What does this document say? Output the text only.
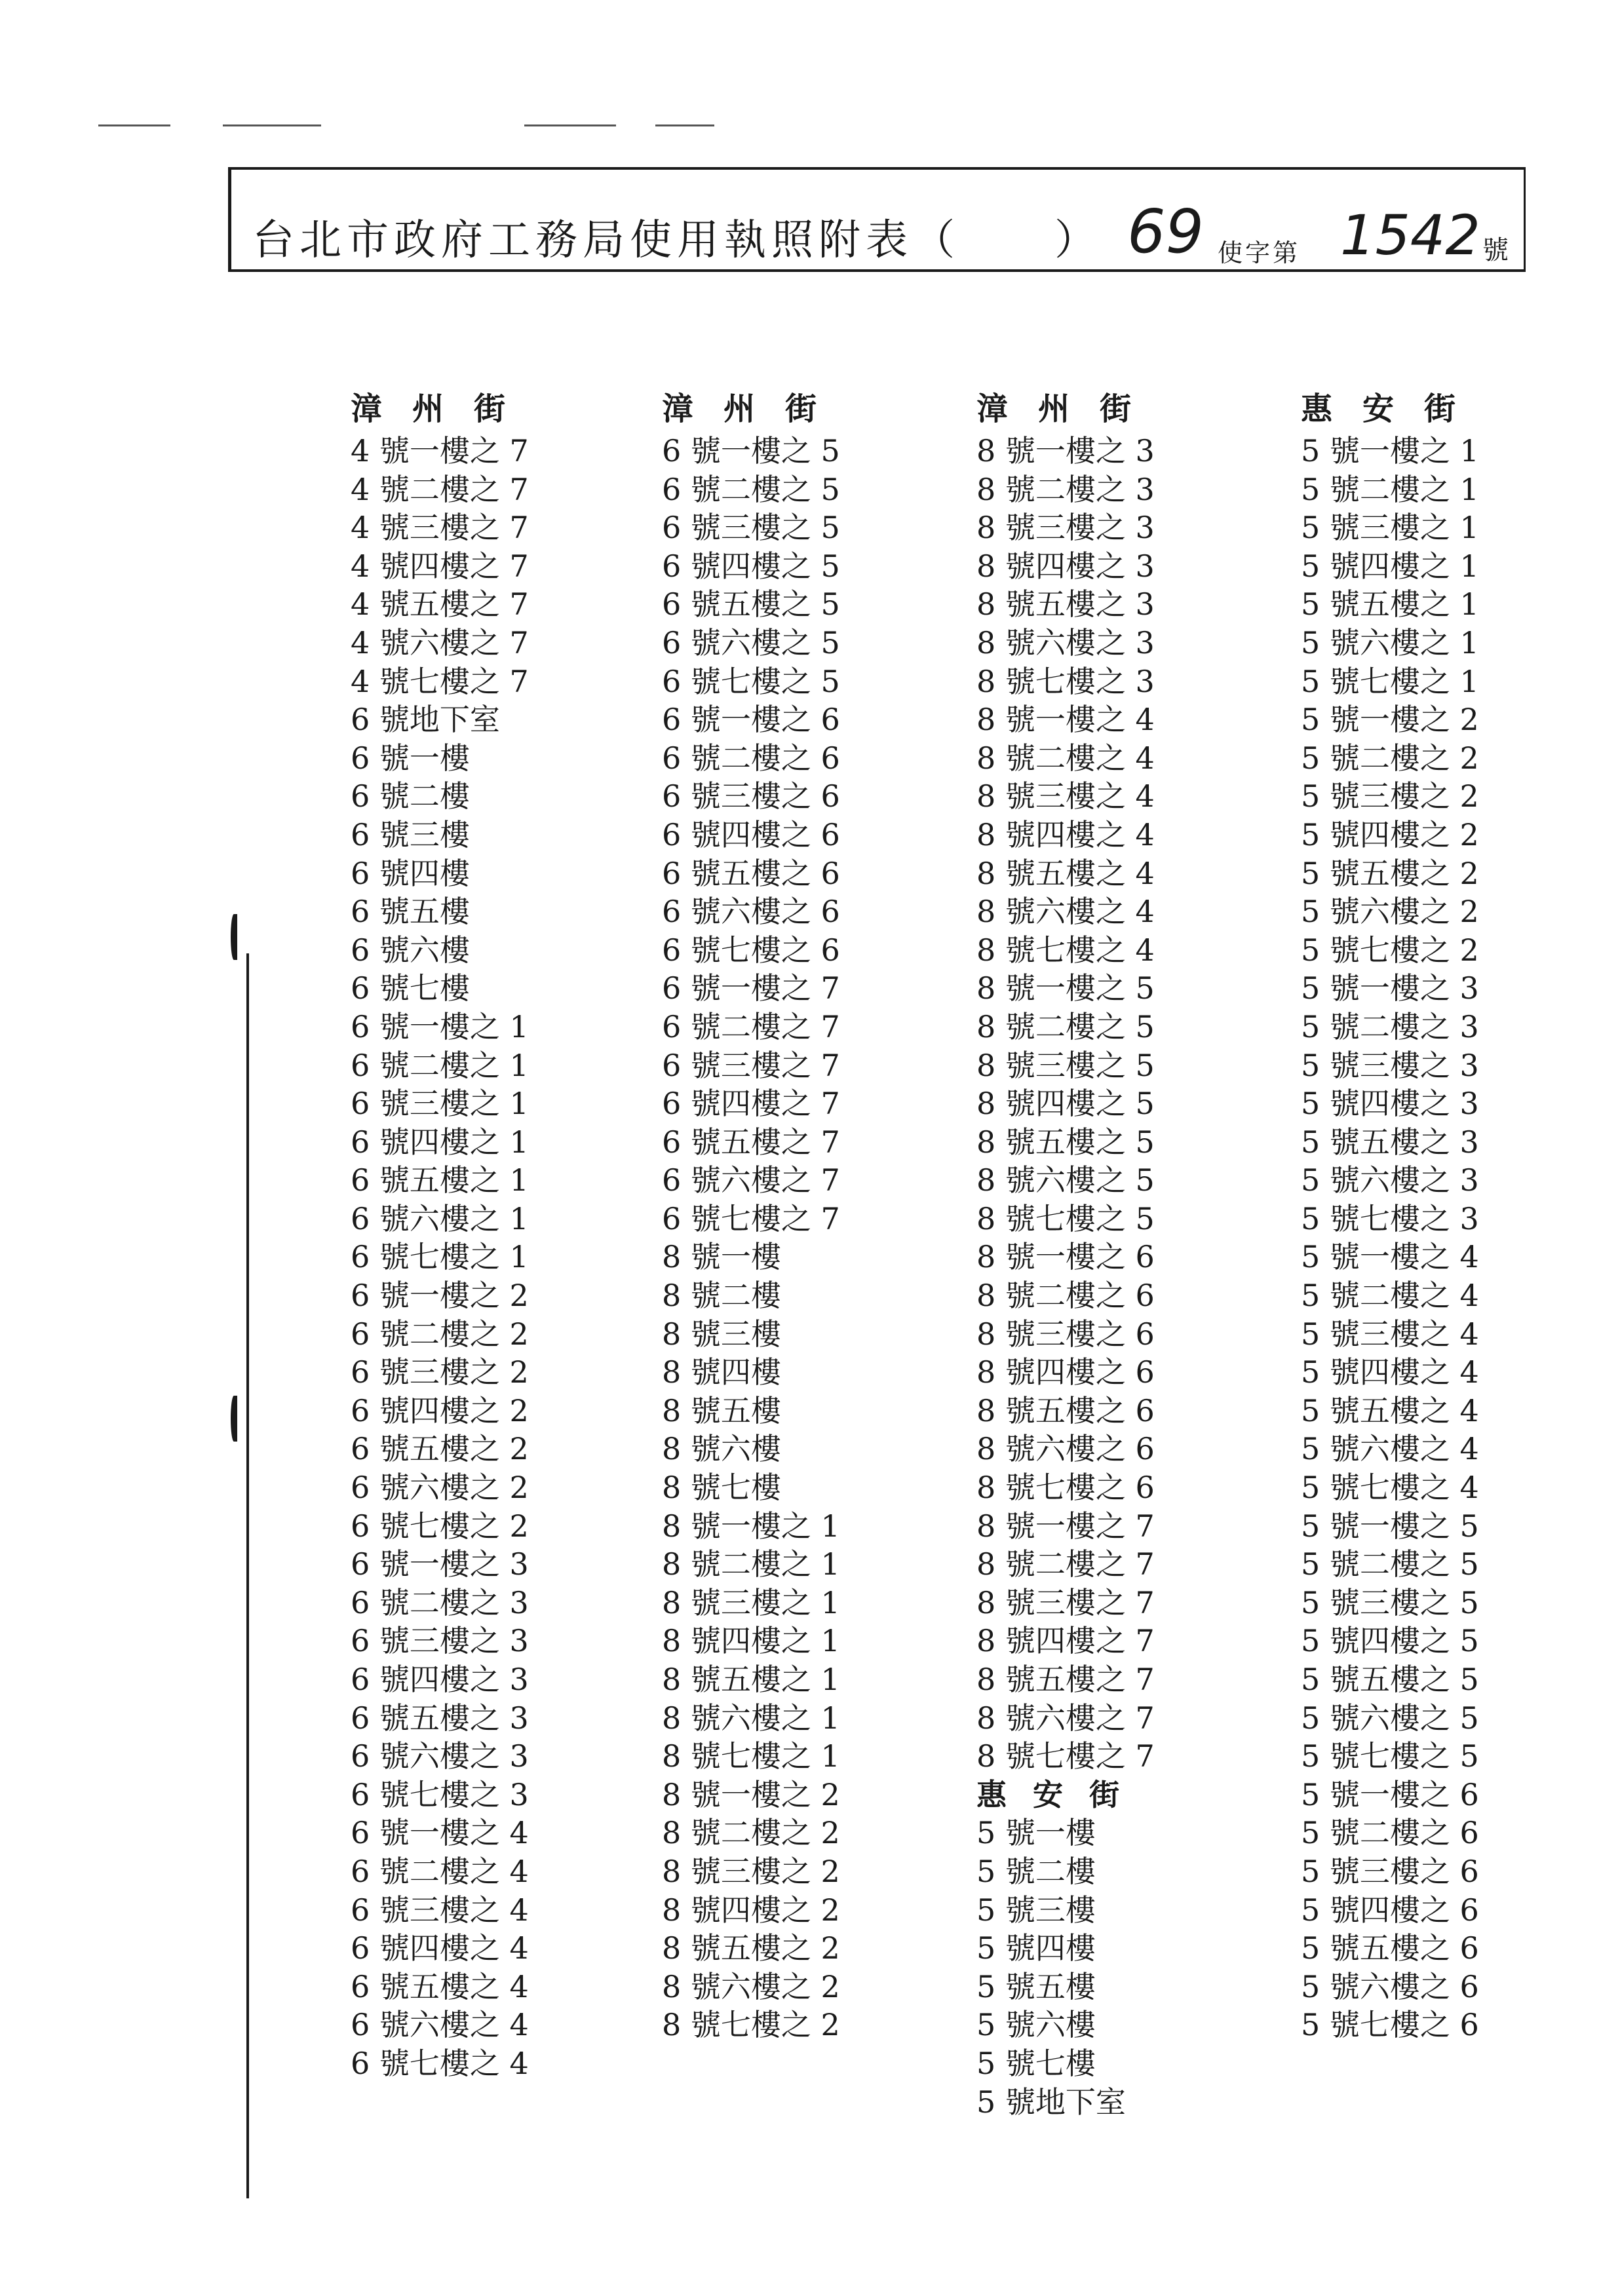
台北市政府工務局使用執照附表（　　） 69 使字第 1542 號
漳州街
4 號一樓之 7
4 號二樓之 7
4 號三樓之 7
4 號四樓之 7
4 號五樓之 7
4 號六樓之 7
4 號七樓之 7
6 號地下室
6 號一樓
6 號二樓
6 號三樓
6 號四樓
6 號五樓
6 號六樓
6 號七樓
6 號一樓之 1
6 號二樓之 1
6 號三樓之 1
6 號四樓之 1
6 號五樓之 1
6 號六樓之 1
6 號七樓之 1
6 號一樓之 2
6 號二樓之 2
6 號三樓之 2
6 號四樓之 2
6 號五樓之 2
6 號六樓之 2
6 號七樓之 2
6 號一樓之 3
6 號二樓之 3
6 號三樓之 3
6 號四樓之 3
6 號五樓之 3
6 號六樓之 3
6 號七樓之 3
6 號一樓之 4
6 號二樓之 4
6 號三樓之 4
6 號四樓之 4
6 號五樓之 4
6 號六樓之 4
6 號七樓之 4
漳州街
6 號一樓之 5
6 號二樓之 5
6 號三樓之 5
6 號四樓之 5
6 號五樓之 5
6 號六樓之 5
6 號七樓之 5
6 號一樓之 6
6 號二樓之 6
6 號三樓之 6
6 號四樓之 6
6 號五樓之 6
6 號六樓之 6
6 號七樓之 6
6 號一樓之 7
6 號二樓之 7
6 號三樓之 7
6 號四樓之 7
6 號五樓之 7
6 號六樓之 7
6 號七樓之 7
8 號一樓
8 號二樓
8 號三樓
8 號四樓
8 號五樓
8 號六樓
8 號七樓
8 號一樓之 1
8 號二樓之 1
8 號三樓之 1
8 號四樓之 1
8 號五樓之 1
8 號六樓之 1
8 號七樓之 1
8 號一樓之 2
8 號二樓之 2
8 號三樓之 2
8 號四樓之 2
8 號五樓之 2
8 號六樓之 2
8 號七樓之 2
漳州街
8 號一樓之 3
8 號二樓之 3
8 號三樓之 3
8 號四樓之 3
8 號五樓之 3
8 號六樓之 3
8 號七樓之 3
8 號一樓之 4
8 號二樓之 4
8 號三樓之 4
8 號四樓之 4
8 號五樓之 4
8 號六樓之 4
8 號七樓之 4
8 號一樓之 5
8 號二樓之 5
8 號三樓之 5
8 號四樓之 5
8 號五樓之 5
8 號六樓之 5
8 號七樓之 5
8 號一樓之 6
8 號二樓之 6
8 號三樓之 6
8 號四樓之 6
8 號五樓之 6
8 號六樓之 6
8 號七樓之 6
8 號一樓之 7
8 號二樓之 7
8 號三樓之 7
8 號四樓之 7
8 號五樓之 7
8 號六樓之 7
8 號七樓之 7
惠安街
5 號一樓
5 號二樓
5 號三樓
5 號四樓
5 號五樓
5 號六樓
5 號七樓
5 號地下室
惠安街
5 號一樓之 1
5 號二樓之 1
5 號三樓之 1
5 號四樓之 1
5 號五樓之 1
5 號六樓之 1
5 號七樓之 1
5 號一樓之 2
5 號二樓之 2
5 號三樓之 2
5 號四樓之 2
5 號五樓之 2
5 號六樓之 2
5 號七樓之 2
5 號一樓之 3
5 號二樓之 3
5 號三樓之 3
5 號四樓之 3
5 號五樓之 3
5 號六樓之 3
5 號七樓之 3
5 號一樓之 4
5 號二樓之 4
5 號三樓之 4
5 號四樓之 4
5 號五樓之 4
5 號六樓之 4
5 號七樓之 4
5 號一樓之 5
5 號二樓之 5
5 號三樓之 5
5 號四樓之 5
5 號五樓之 5
5 號六樓之 5
5 號七樓之 5
5 號一樓之 6
5 號二樓之 6
5 號三樓之 6
5 號四樓之 6
5 號五樓之 6
5 號六樓之 6
5 號七樓之 6
